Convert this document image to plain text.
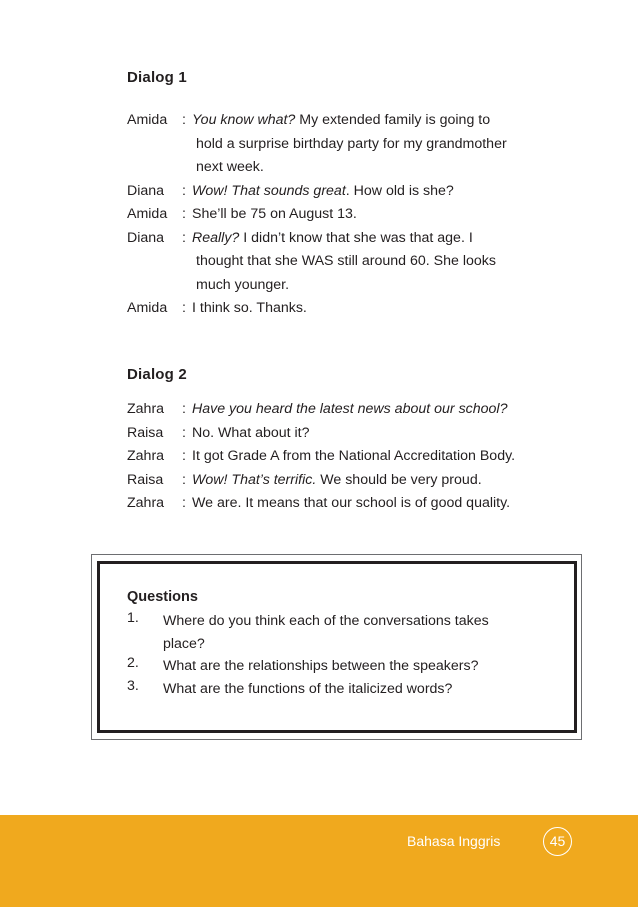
Dialog 1
Amida : You know what? My extended family is going to
hold a surprise birthday party for my grandmother
next week.
Diana : Wow! That sounds great. How old is she?
Amida : She’ll be 75 on August 13.
Diana : Really? I didn’t know that she was that age. I
thought that she WAS still around 60. She looks
much younger.
Amida : I think so. Thanks.
Dialog 2
Zahra : Have you heard the latest news about our school?
Raisa : No. What about it?
Zahra : It got Grade A from the National Accreditation Body.
Raisa : Wow! That’s terrific. We should be very proud.
Zahra : We are. It means that our school is of good quality.
Questions
1. Where do you think each of the conversations takes place?
2. What are the relationships between the speakers?
3. What are the functions of the italicized words?
Bahasa Inggris	45
